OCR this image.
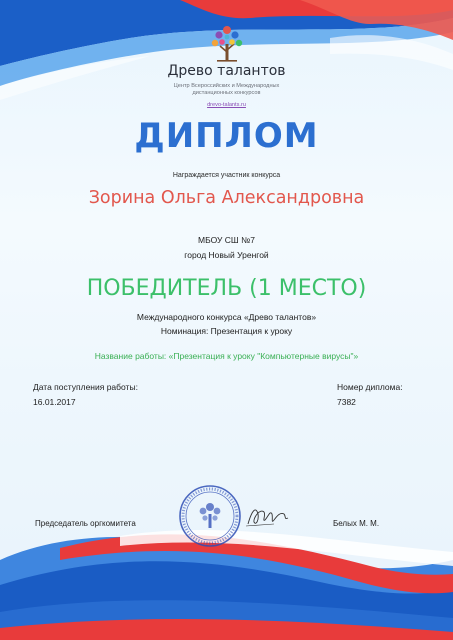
Древо талантов
Центр Всероссийских и Международных
дистанционных конкурсов
drevo-talants.ru
ДИПЛОМ
Награждается участник конкурса
Зорина Ольга Александровна
МБОУ СШ №7
город Новый Уренгой
ПОБЕДИТЕЛЬ (1 МЕСТО)
Международного конкурса «Древо талантов»
Номинация: Презентация к уроку
Название работы: «Презентация к уроку "Компьютерные вирусы"»
Дата поступления работы:
16.01.2017
Номер диплома:
7382
Председатель оргкомитета	Белых М. М.
